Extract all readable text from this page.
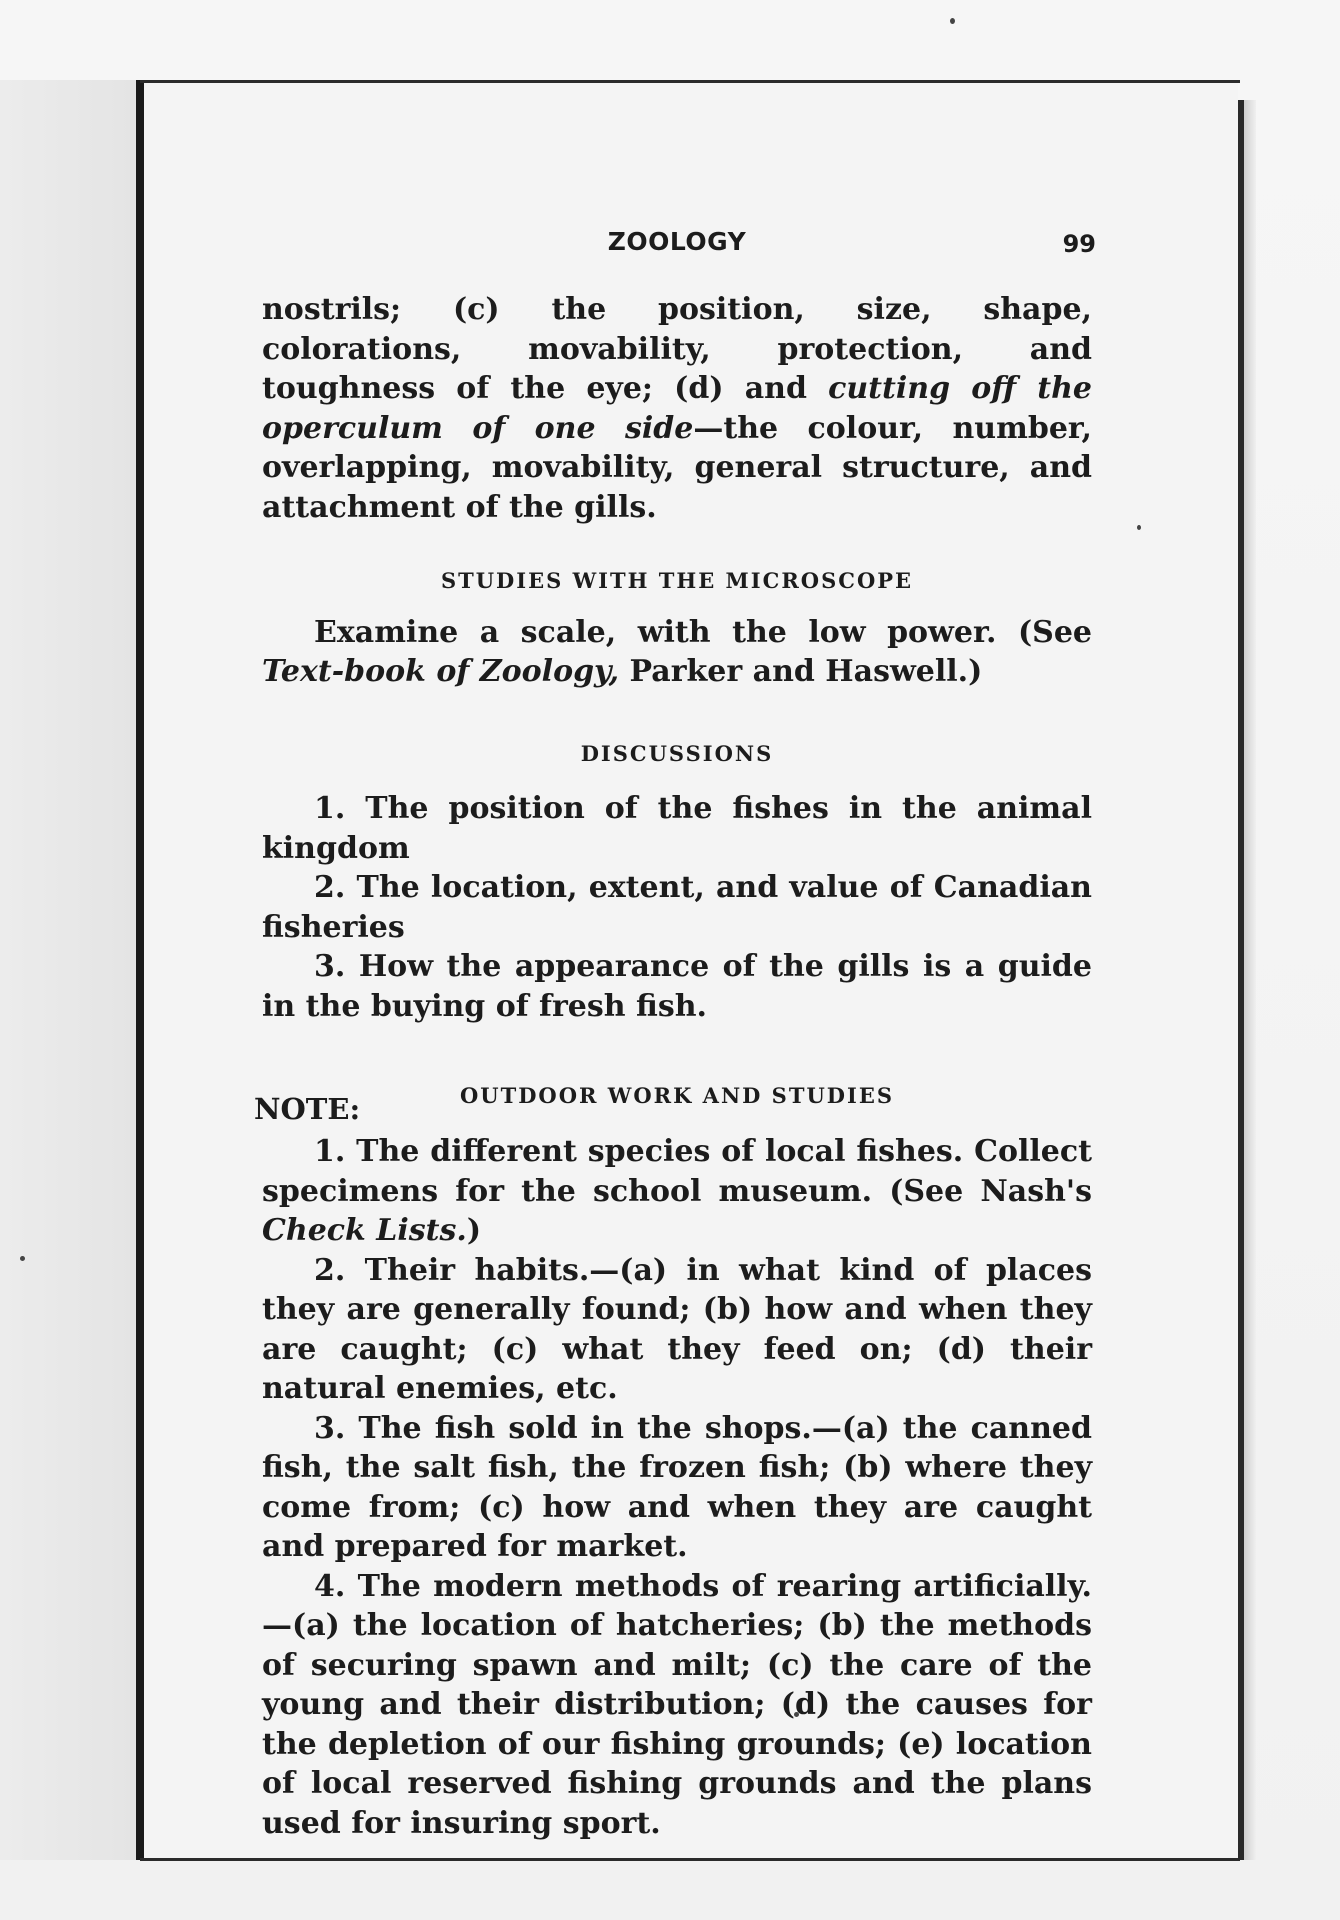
ZOOLOGY	99

nostrils; (c) the position, size, shape, colorations, movability, protection, and toughness of the eye; (d) and cutting off the operculum of one side—the colour, number, overlapping, movability, general structure, and attachment of the gills.

STUDIES WITH THE MICROSCOPE

Examine a scale, with the low power. (See Text-book of Zoology, Parker and Haswell.)

DISCUSSIONS

1. The position of the fishes in the animal kingdom

2. The location, extent, and value of Canadian fisheries

3. How the appearance of the gills is a guide in the buying of fresh fish.

NOTE:	OUTDOOR WORK AND STUDIES

1. The different species of local fishes. Collect specimens for the school museum. (See Nash's Check Lists.)

2. Their habits.—(a) in what kind of places they are generally found; (b) how and when they are caught; (c) what they feed on; (d) their natural enemies, etc.

3. The fish sold in the shops.—(a) the canned fish, the salt fish, the frozen fish; (b) where they come from; (c) how and when they are caught and prepared for market.

4. The modern methods of rearing artificially.—(a) the location of hatcheries; (b) the methods of securing spawn and milt; (c) the care of the young and their distribution; (d) the causes for the depletion of our fishing grounds; (e) location of local reserved fishing grounds and the plans used for insuring sport.
